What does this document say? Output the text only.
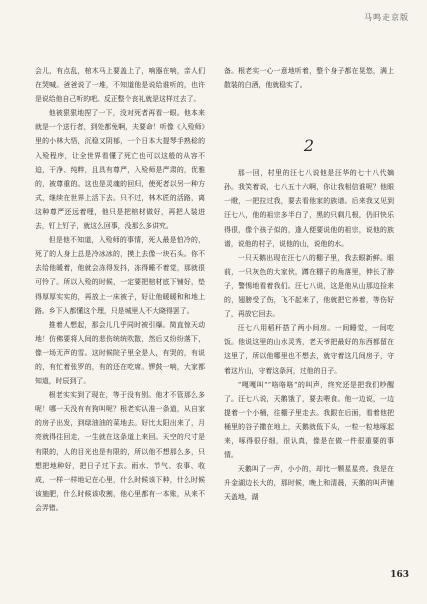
马鸣走京版

会儿，有点乱，棺木马上要盖上了，响器在响，亲人们在哭喊。爸爸说了一堆，不知道他是说给谁听的，也许是说给他自己听的吧。反正整个丧礼就是这样过去了。

他被狠狠地捏了一下，没对死者再看一眼。他本来就是一个送行者，到处都免啊，夫要命！听像《入殓师》里的小林大悟，沉稳又阴郁，一个日本大提琴手熟稔的入殓程序，让全世界看懂了死亡也可以这般的从容不迫，干净、纯粹，且具有尊严，入殓师是严肃的，优雅的，被尊重的。这也是灵魂的回归，使死者以另一种方式，继续在世界上活下去。只不过，林木匠的活路，离这种尊严还远着哩，他只是把棺材做好，再把人装进去，钉上钉子，就这么回事，没那么多讲究。

但是他不知道，入殓师的事情，死人最是怕冷的，死了的人身上总是冷冰冰的，摸上去像一块石头。你不去给他暖着，他就会冻得发抖，冻得睡不着觉，那就很可怜了。所以入殓的时候，一定要把棺材底下铺好，垫得厚厚实实的，再放上一床被子，好让他暖暖和和地上路。乡下人都懂这个理，只是城里人不大晓得罢了。

推着人想起，那会儿几乎同时被引爆。简直惊天动地！仿佛要将人间的悲伤统统吹散，然后又纷纷落下，像一场无声的雪。这时候院子里全是人，有哭的，有说的，有忙着张罗的，有的还在吃席。锣鼓一响，大家都知道，时辰到了。

根老实实到了现在，等于没有别。他才不管那么多呢！哪一天没有有狗叫呢？根老实认准一条道，从自家的房子出发，到绿油油的菜地去。好比太阳出来了，月亮就得往回走，一生就在这条道上来回。天空的尺寸是有限的，人的目光也是有限的，所以他不想那么多，只想把地种好，把日子过下去。雨水、节气、农事、收成，一样一样地记在心里，什么时候该下种，什么时候该施肥，什么时候该收割，他心里都有一本账，从来不会弄错。

备。根老实一心一意地听着，整个身子都在晃悠，满上散装的白酒，他就稳实了。

2

那一回，村里的汪七八说他是汪华的七十八代嫡孙。我笑着说，七八五十六啊，你让我相信谁呢？他眼一瞪，一把拉过我，要去看他家的族谱。后来我又见到汪七八，他的祖宗多半白了，黑的只剩几根，仍旧快乐得很，像个孩子似的，逢人便要说他的祖宗，说他的族谱，说他的村子，说他的山，说他的水。

一只天鹅出现在汪七八的棚子里，我去眼新鲜。眼前，一只灰色的大家伙，蹲在棚子的角落里，伸长了脖子，警惕地看着我们。汪七八说，这是他从山那边捡来的，翅膀受了伤，飞不起来了，他就把它养着，等伤好了，再放它回去。

汪七八用稻秆搭了两小间房。一间睡觉，一间吃饭。他说这里的山水灵秀，老天爷把最好的东西都留在这里了，所以他哪里也不想去，就守着这几间房子，守着这片山，守着这条河，过他的日子。

“嘎嘎叫”“咯咯咯”的叫声，终究还是把我们吵醒了。汪七八说，天鹅饿了，要去喂食。他一边说，一边提着一个小桶，往棚子里走去。我跟在后面，看着他把桶里的谷子撒在地上，天鹅就低下头，一粒一粒地啄起来，啄得很仔细，很认真，像是在做一件很重要的事情。

天鹅叫了一声，小小的，却比一颗星星亮。我是在升金湖边长大的，那时候，晚上和清晨，天鹅的叫声铺天盖地，湖

163
